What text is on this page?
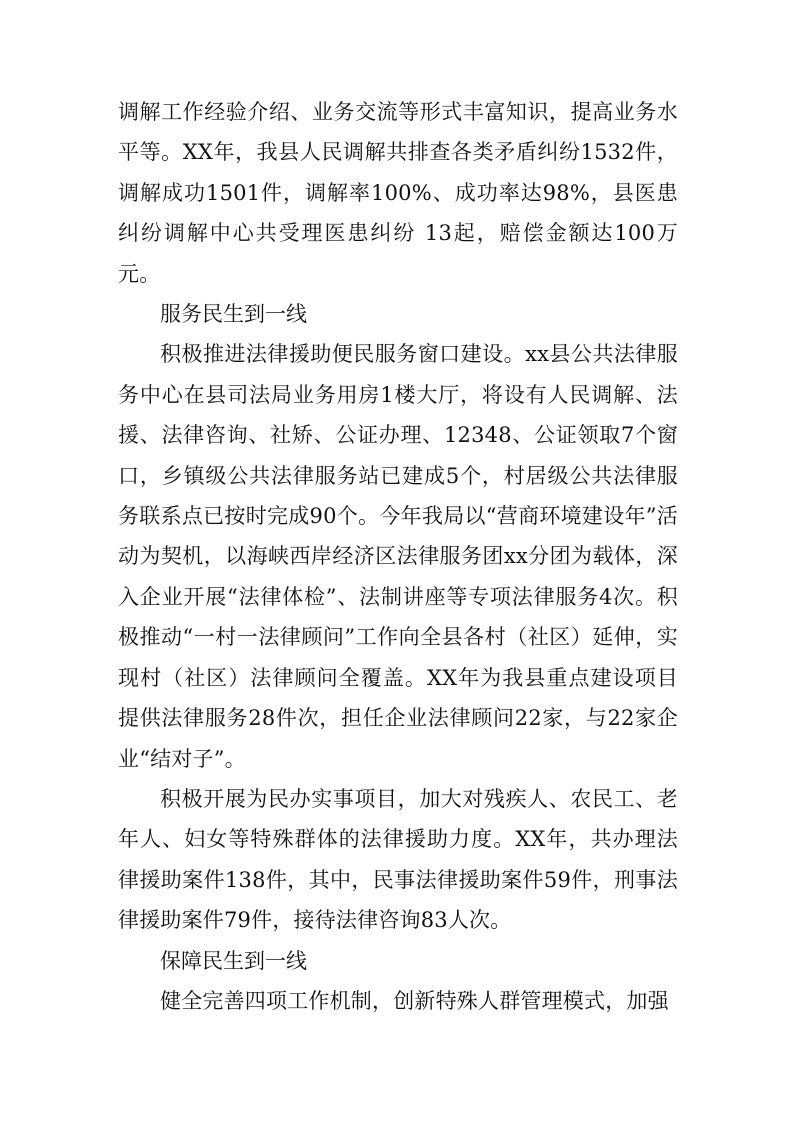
调解工作经验介绍、业务交流等形式丰富知识，提高业务水平等。XX年，我县人民调解共排查各类矛盾纠纷1532件，调解成功1501件，调解率100%、成功率达98%，县医患纠纷调解中心共受理医患纠纷 13起，赔偿金额达100万元。

服务民生到一线

积极推进法律援助便民服务窗口建设。xx县公共法律服务中心在县司法局业务用房1楼大厅，将设有人民调解、法援、法律咨询、社矫、公证办理、12348、公证领取7个窗口，乡镇级公共法律服务站已建成5个，村居级公共法律服务联系点已按时完成90个。今年我局以“营商环境建设年”活动为契机，以海峡西岸经济区法律服务团xx分团为载体，深入企业开展“法律体检”、法制讲座等专项法律服务4次。积极推动“一村一法律顾问”工作向全县各村（社区）延伸，实现村（社区）法律顾问全覆盖。XX年为我县重点建设项目提供法律服务28件次，担任企业法律顾问22家，与22家企业“结对子”。

积极开展为民办实事项目，加大对残疾人、农民工、老年人、妇女等特殊群体的法律援助力度。XX年，共办理法律援助案件138件，其中，民事法律援助案件59件，刑事法律援助案件79件，接待法律咨询83人次。

保障民生到一线

健全完善四项工作机制，创新特殊人群管理模式，加强
